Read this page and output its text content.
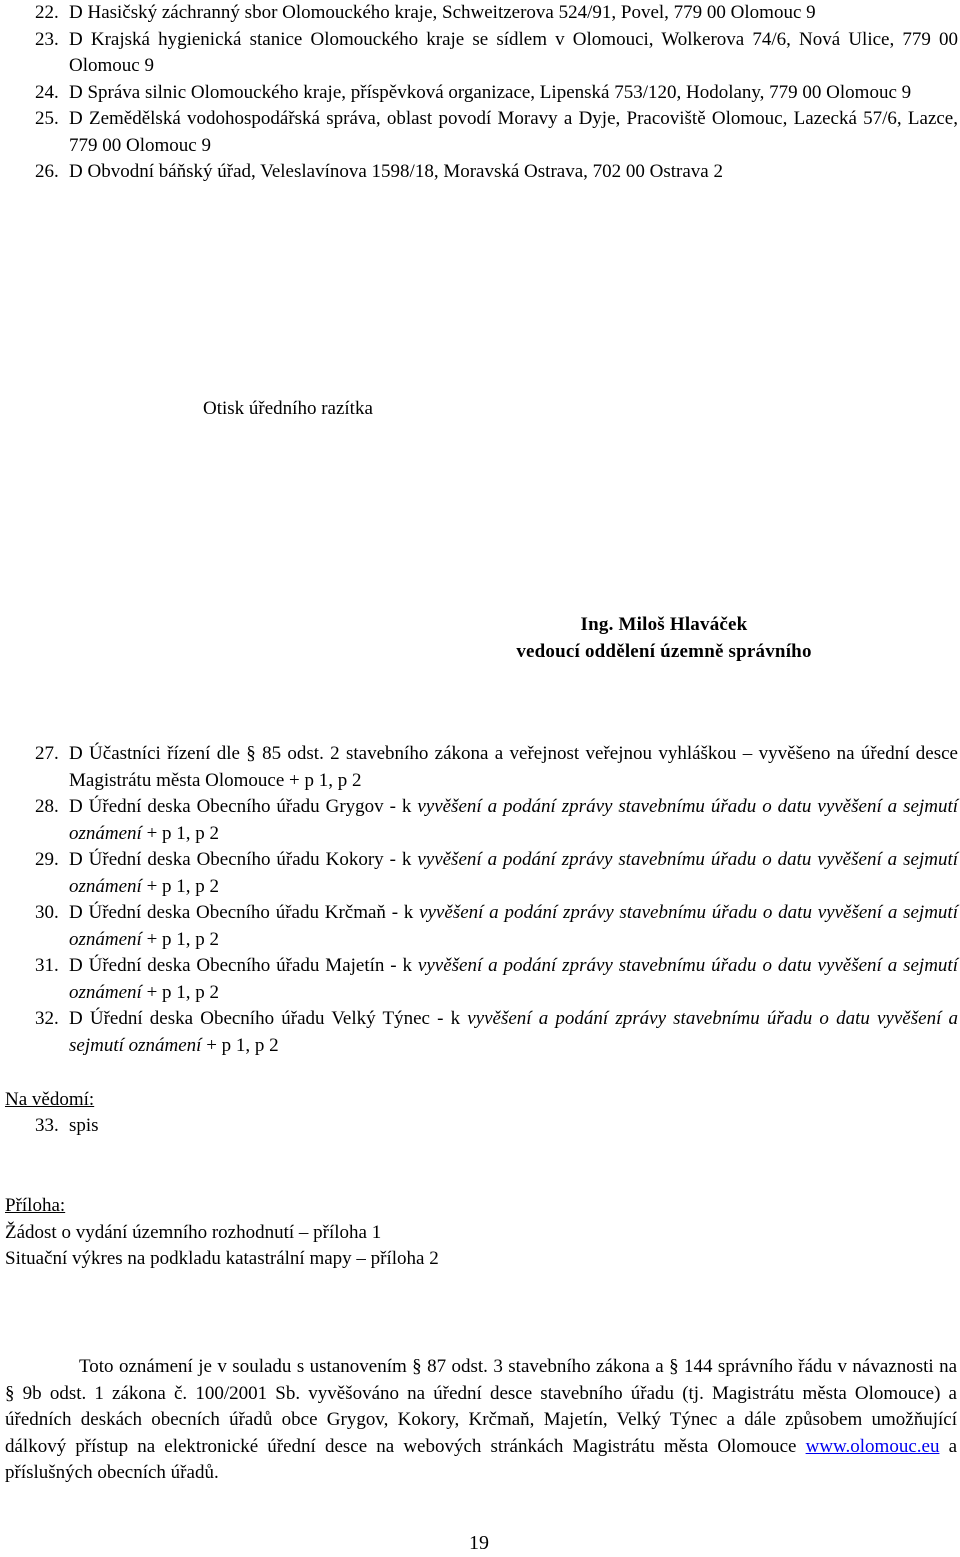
22. D Hasičský záchranný sbor Olomouckého kraje, Schweitzerova 524/91, Povel, 779 00 Olomouc 9
23. D Krajská hygienická stanice Olomouckého kraje se sídlem v Olomouci, Wolkerova 74/6, Nová Ulice, 779 00 Olomouc 9
24. D Správa silnic Olomouckého kraje, příspěvková organizace, Lipenská 753/120, Hodolany, 779 00 Olomouc 9
25. D Zemědělská vodohospodářská správa, oblast povodí Moravy a Dyje, Pracoviště Olomouc, Lazecká 57/6, Lazce, 779 00 Olomouc 9
26. D Obvodní báňský úřad, Veleslavínova 1598/18, Moravská Ostrava, 702 00 Ostrava 2
Otisk úředního razítka
Ing. Miloš Hlaváček
vedoucí oddělení územně správního
27. D Účastníci řízení dle § 85 odst. 2 stavebního zákona a veřejnost veřejnou vyhláškou – vyvěšeno na úřední desce Magistrátu města Olomouce + p 1, p 2
28. D Úřední deska Obecního úřadu Grygov - k vyvěšení a podání zprávy stavebnímu úřadu o datu vyvěšení a sejmutí oznámení + p 1, p 2
29. D Úřední deska Obecního úřadu Kokory - k vyvěšení a podání zprávy stavebnímu úřadu o datu vyvěšení a sejmutí oznámení + p 1, p 2
30. D Úřední deska Obecního úřadu Krčmaň - k vyvěšení a podání zprávy stavebnímu úřadu o datu vyvěšení a sejmutí oznámení + p 1, p 2
31. D Úřední deska Obecního úřadu Majetín - k vyvěšení a podání zprávy stavebnímu úřadu o datu vyvěšení a sejmutí oznámení + p 1, p 2
32. D Úřední deska Obecního úřadu Velký Týnec - k vyvěšení a podání zprávy stavebnímu úřadu o datu vyvěšení a sejmutí oznámení + p 1, p 2
Na vědomí:
33. spis
Příloha:
Žádost o vydání územního rozhodnutí – příloha 1
Situační výkres na podkladu katastrální mapy – příloha 2

Toto oznámení je v souladu s ustanovením § 87 odst. 3 stavebního zákona a § 144 správního řádu v návaznosti na § 9b odst. 1 zákona č. 100/2001 Sb. vyvěšováno na úřední desce stavebního úřadu (tj. Magistrátu města Olomouce) a úředních deskách obecních úřadů obce Grygov, Kokory, Krčmaň, Majetín, Velký Týnec a dále způsobem umožňující dálkový přístup na elektronické úřední desce na webových stránkách Magistrátu města Olomouce www.olomouc.eu a příslušných obecních úřadů.

19
